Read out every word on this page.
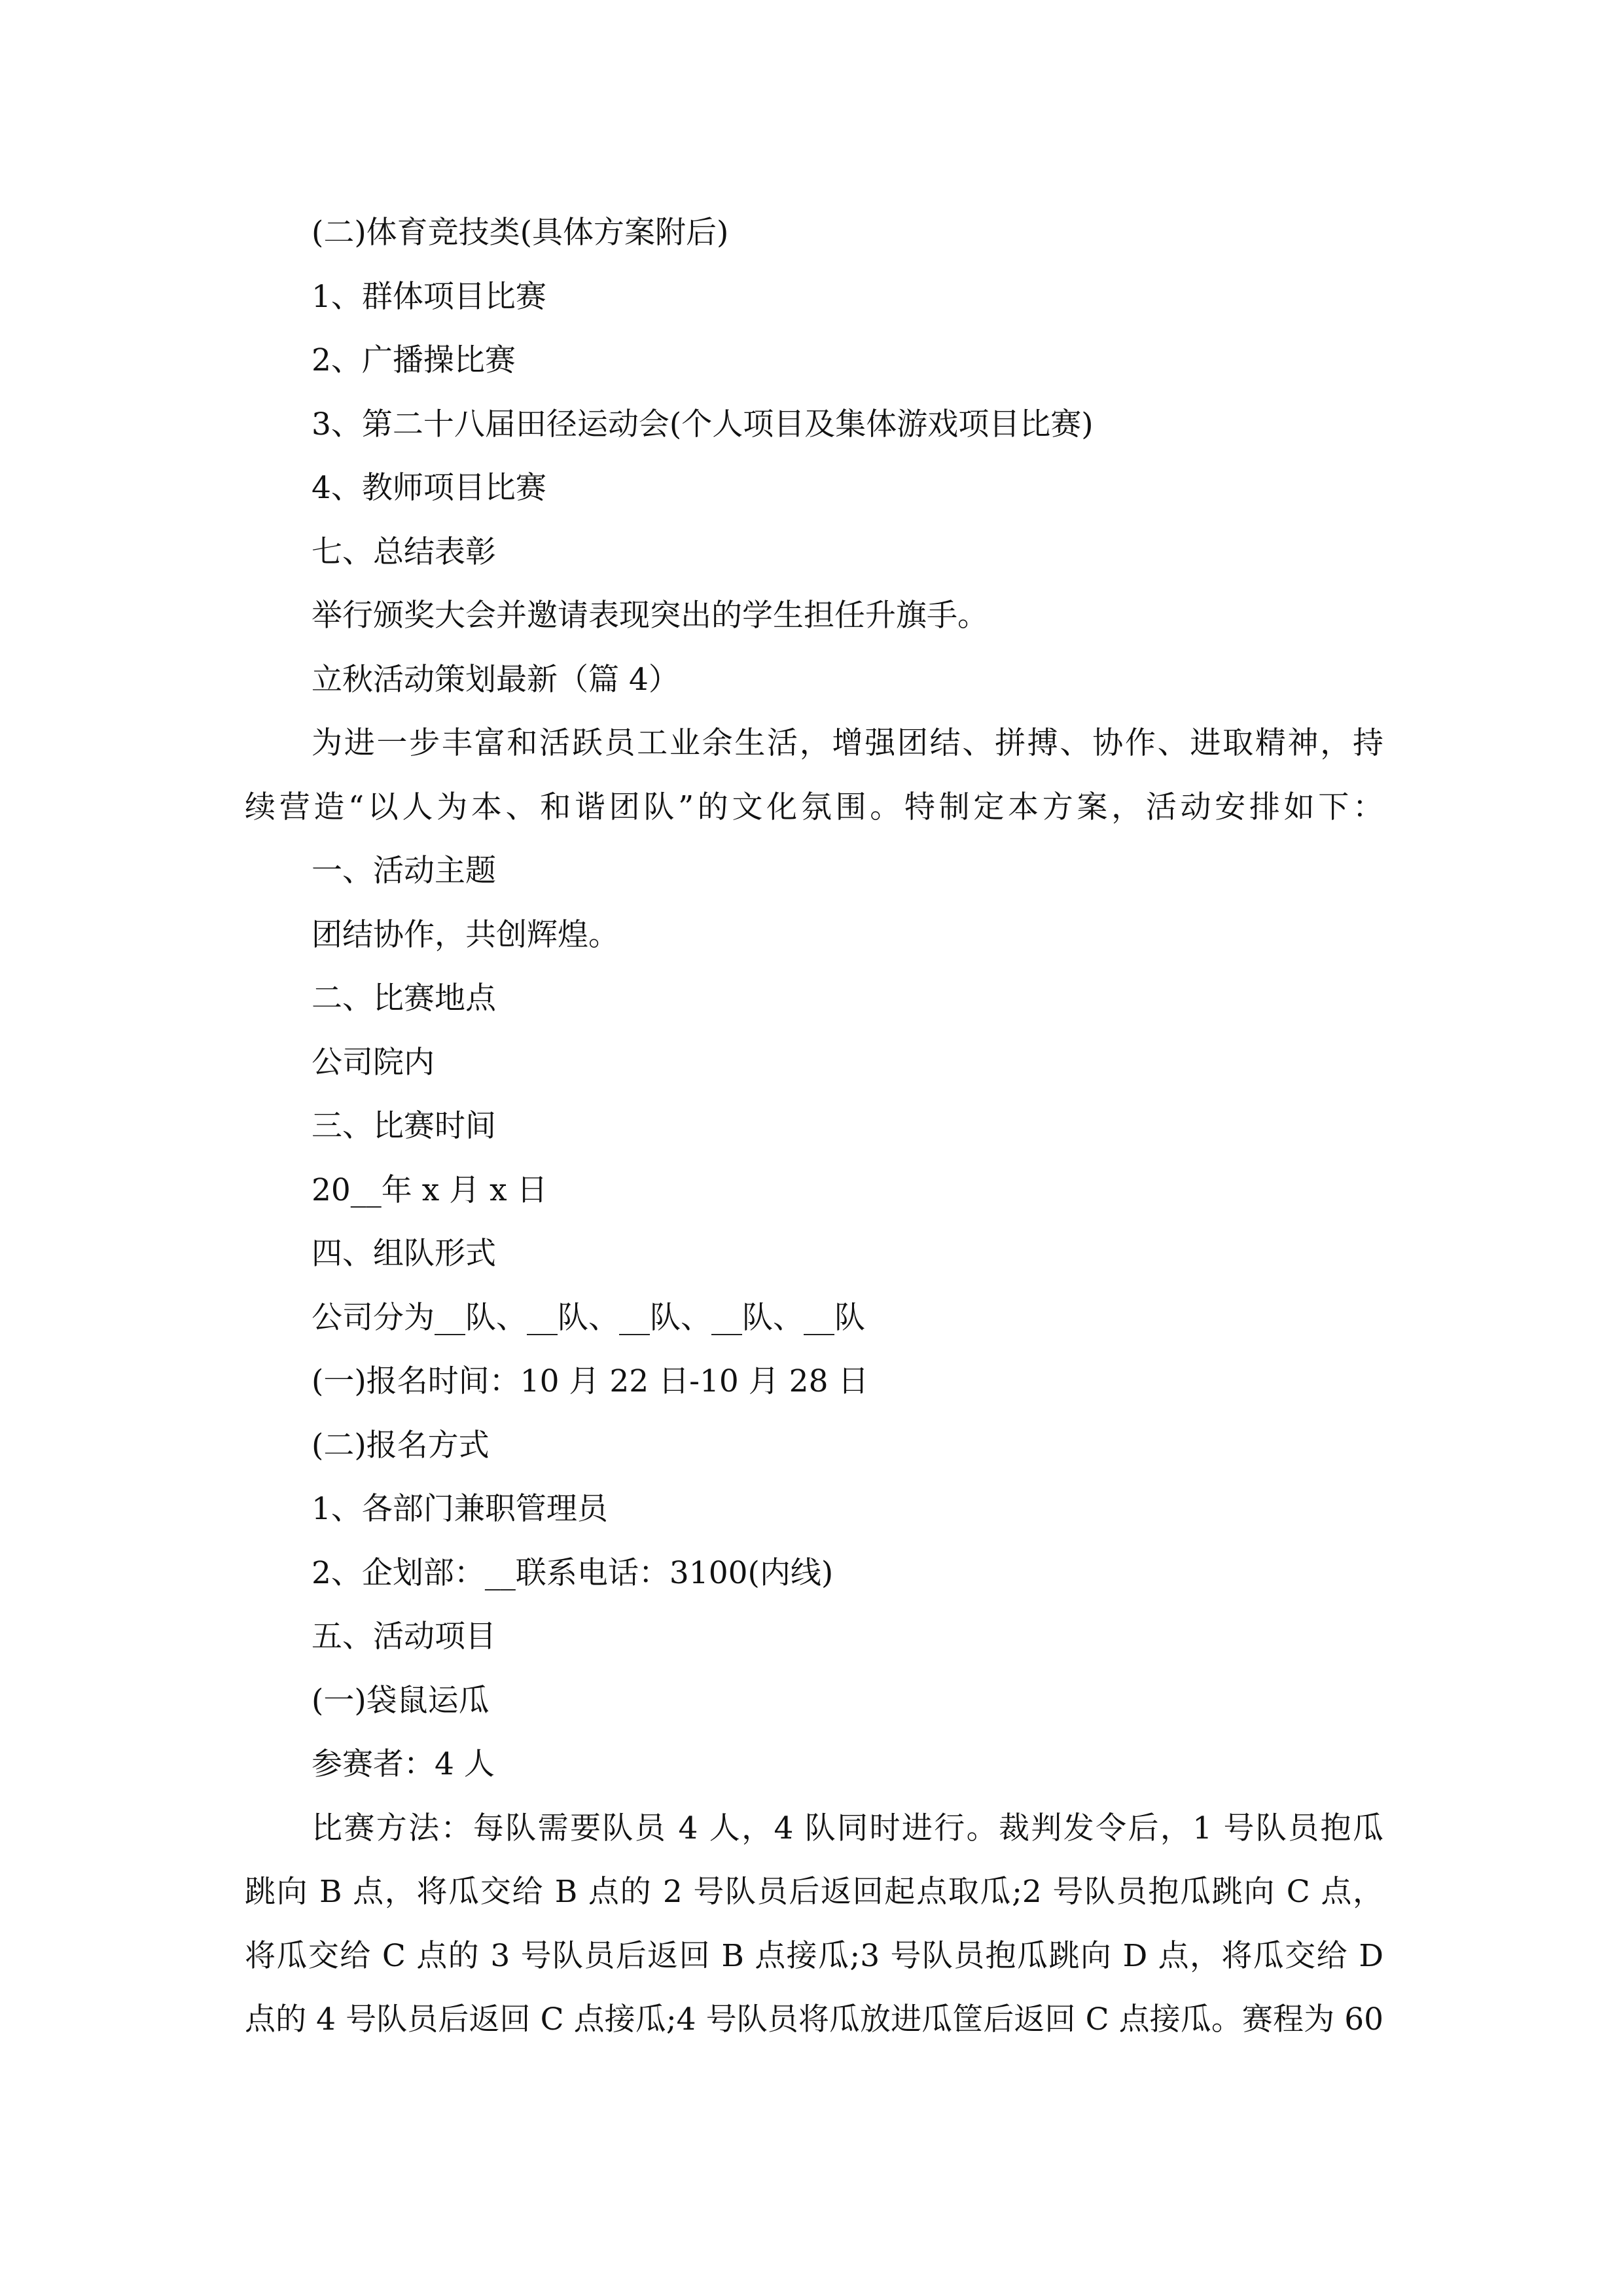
(二)体育竞技类(具体方案附后)
1、群体项目比赛
2、广播操比赛
3、第二十八届田径运动会(个人项目及集体游戏项目比赛)
4、教师项目比赛
七、总结表彰
举行颁奖大会并邀请表现突出的学生担任升旗手。
立秋活动策划最新（篇 4）
为进一步丰富和活跃员工业余生活，增强团结、拼搏、协作、进取精神，持
续营造“以人为本、和谐团队”的文化氛围。特制定本方案，活动安排如下：
一、活动主题
团结协作，共创辉煌。
二、比赛地点
公司院内
三、比赛时间
20__年 x 月 x 日
四、组队形式
公司分为__队、__队、__队、__队、__队
(一)报名时间：10 月 22 日-10 月 28 日
(二)报名方式
1、各部门兼职管理员
2、企划部：__联系电话：3100(内线)
五、活动项目
(一)袋鼠运瓜
参赛者：4 人
比赛方法：每队需要队员 4 人，4 队同时进行。裁判发令后，1 号队员抱瓜
跳向 B 点，将瓜交给 B 点的 2 号队员后返回起点取瓜;2 号队员抱瓜跳向 C 点，
将瓜交给 C 点的 3 号队员后返回 B 点接瓜;3 号队员抱瓜跳向 D 点，将瓜交给 D
点的 4 号队员后返回 C 点接瓜;4 号队员将瓜放进瓜筐后返回 C 点接瓜。赛程为 60
